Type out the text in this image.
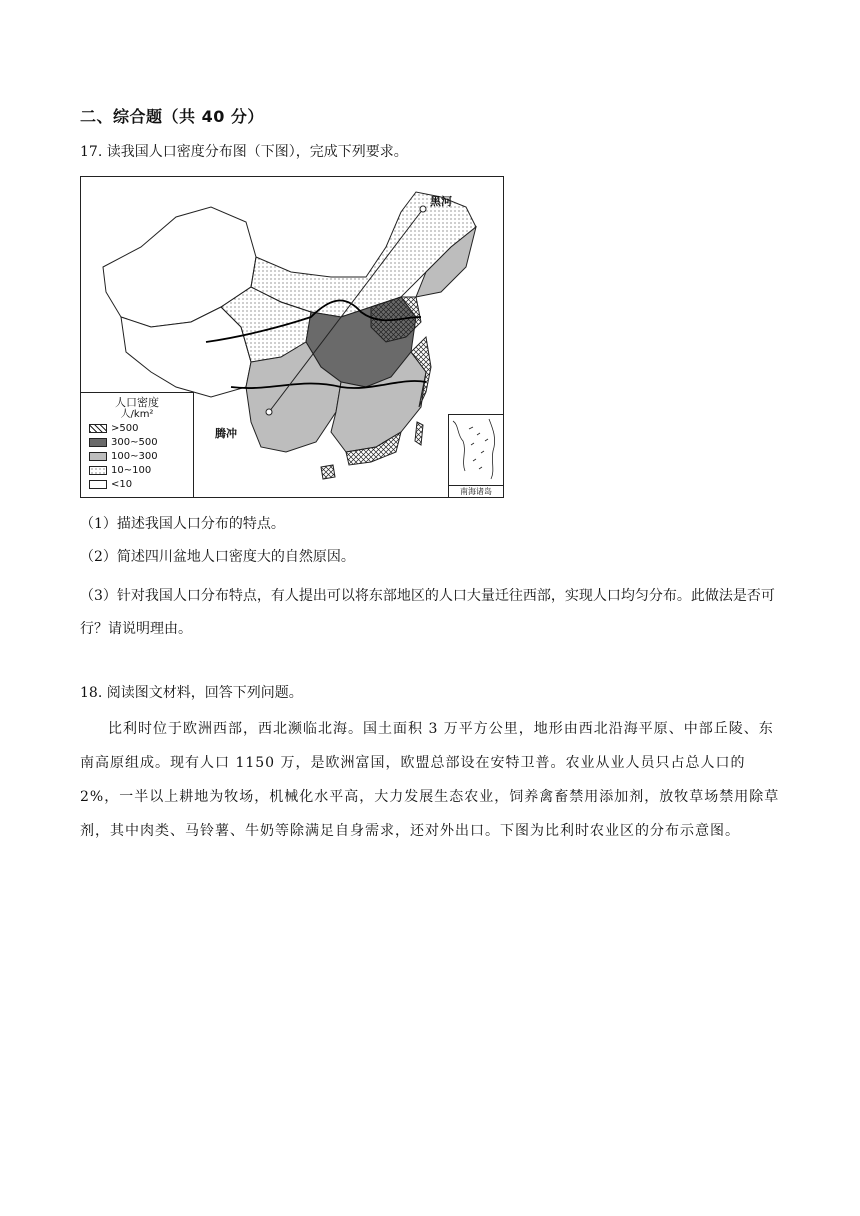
二、综合题（共 40 分）
17. 读我国人口密度分布图（下图），完成下列要求。
黑河
腾冲
人口密度
人/km²
>500
300~500
100~300
10~100
<10
南海诸岛
（1）描述我国人口分布的特点。
（2）简述四川盆地人口密度大的自然原因。
（3）针对我国人口分布特点，有人提出可以将东部地区的人口大量迁往西部，实现人口均匀分布。此做法是否可行？请说明理由。
18. 阅读图文材料，回答下列问题。
比利时位于欧洲西部，西北濒临北海。国土面积 3 万平方公里，地形由西北沿海平原、中部丘陵、东南高原组成。现有人口 1150 万，是欧洲富国，欧盟总部设在安特卫普。农业从业人员只占总人口的 2%，一半以上耕地为牧场，机械化水平高，大力发展生态农业，饲养禽畜禁用添加剂，放牧草场禁用除草剂，其中肉类、马铃薯、牛奶等除满足自身需求，还对外出口。下图为比利时农业区的分布示意图。
